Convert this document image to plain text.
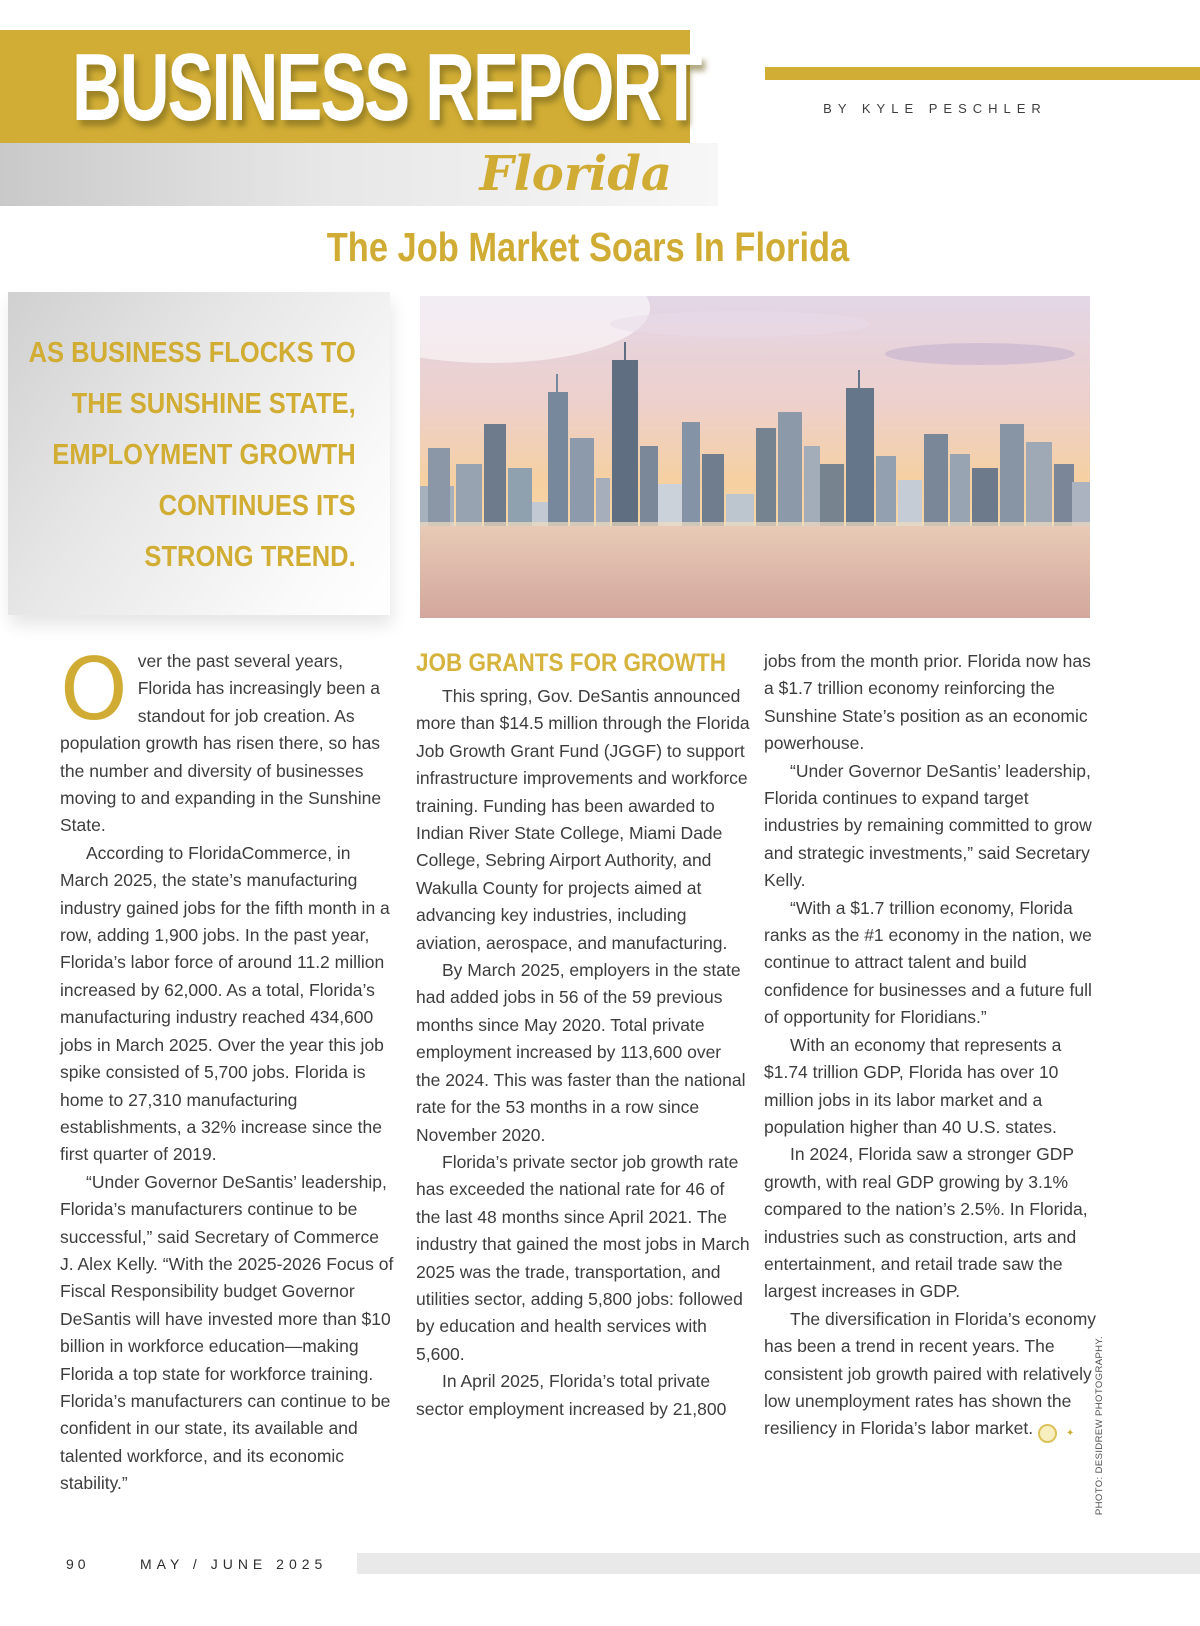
BUSINESS REPORT	BY KYLE PESCHLER
Florida
The Job Market Soars In Florida
AS BUSINESS FLOCKS TO
THE SUNSHINE STATE,
EMPLOYMENT GROWTH
CONTINUES ITS
STRONG TREND.

Over the past several years, Florida has increasingly been a standout for job creation. As population growth has risen there, so has the number and diversity of businesses moving to and expanding in the Sunshine State.

According to FloridaCommerce, in March 2025, the state’s manufacturing industry gained jobs for the fifth month in a row, adding 1,900 jobs. In the past year, Florida’s labor force of around 11.2 million increased by 62,000. As a total, Florida’s manufacturing industry reached 434,600 jobs in March 2025. Over the year this job spike consisted of 5,700 jobs. Florida is home to 27,310 manufacturing establishments, a 32% increase since the first quarter of 2019.

“Under Governor DeSantis’ leadership, Florida’s manufacturers continue to be successful,” said Secretary of Commerce J. Alex Kelly. “With the 2025-2026 Focus of Fiscal Responsibility budget Governor DeSantis will have invested more than $10 billion in workforce education—making Florida a top state for workforce training. Florida’s manufacturers can continue to be confident in our state, its available and talented workforce, and its economic stability.”

JOB GRANTS FOR GROWTH

This spring, Gov. DeSantis announced more than $14.5 million through the Florida Job Growth Grant Fund (JGGF) to support infrastructure improvements and workforce training. Funding has been awarded to Indian River State College, Miami Dade College, Sebring Airport Authority, and Wakulla County for projects aimed at advancing key industries, including aviation, aerospace, and manufacturing.

By March 2025, employers in the state had added jobs in 56 of the 59 previous months since May 2020. Total private employment increased by 113,600 over the 2024. This was faster than the national rate for the 53 months in a row since November 2020.

Florida’s private sector job growth rate has exceeded the national rate for 46 of the last 48 months since April 2021. The industry that gained the most jobs in March 2025 was the trade, transportation, and utilities sector, adding 5,800 jobs: followed by education and health services with 5,600.

In April 2025, Florida’s total private sector employment increased by 21,800

jobs from the month prior. Florida now has a $1.7 trillion economy reinforcing the Sunshine State’s position as an economic powerhouse.

“Under Governor DeSantis’ leadership, Florida continues to expand target industries by remaining committed to grow and strategic investments,” said Secretary Kelly.

“With a $1.7 trillion economy, Florida ranks as the #1 economy in the nation, we continue to attract talent and build confidence for businesses and a future full of opportunity for Floridians.”

With an economy that represents a $1.74 trillion GDP, Florida has over 10 million jobs in its labor market and a population higher than 40 U.S. states.

In 2024, Florida saw a stronger GDP growth, with real GDP growing by 3.1% compared to the nation’s 2.5%. In Florida, industries such as construction, arts and entertainment, and retail trade saw the largest increases in GDP.

The diversification in Florida’s economy has been a trend in recent years. The consistent job growth paired with relatively low unemployment rates has shown the resiliency in Florida’s labor market.	✦	PHOTO: DESIDREW PHOTOGRAPHY.
90	MAY / JUNE 2025
